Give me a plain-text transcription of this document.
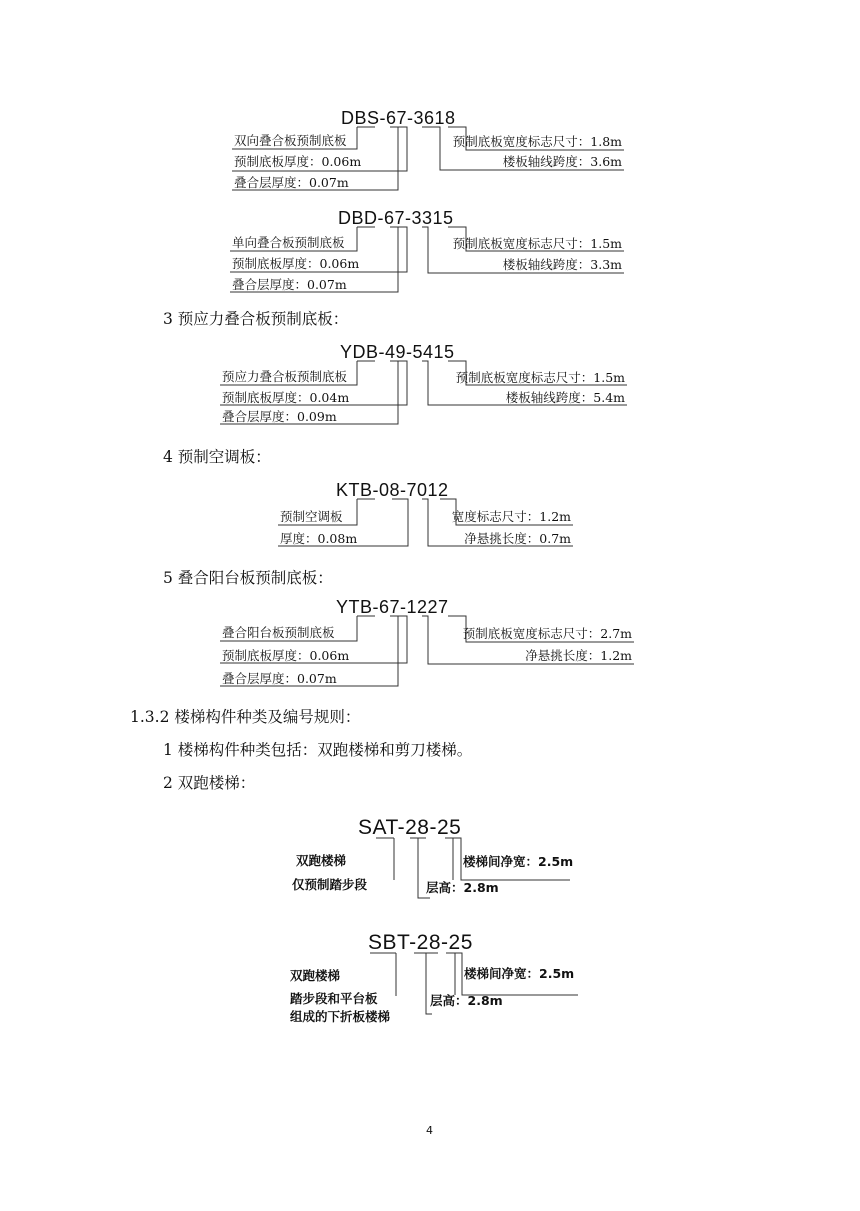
DBS-67-3618
双向叠合板预制底板
预制底板厚度：0.06m
叠合层厚度：0.07m
预制底板宽度标志尺寸：1.8m
楼板轴线跨度：3.6m
DBD-67-3315
单向叠合板预制底板
预制底板厚度：0.06m
叠合层厚度：0.07m
预制底板宽度标志尺寸：1.5m
楼板轴线跨度：3.3m
YDB-49-5415
预应力叠合板预制底板
预制底板厚度：0.04m
叠合层厚度：0.09m
预制底板宽度标志尺寸：1.5m
楼板轴线跨度：5.4m
KTB-08-7012
预制空调板
厚度：0.08m
宽度标志尺寸：1.2m
净悬挑长度：0.7m
YTB-67-1227
叠合阳台板预制底板
预制底板厚度：0.06m
叠合层厚度：0.07m
预制底板宽度标志尺寸：2.7m
净悬挑长度：1.2m
SAT-28-25
双跑楼梯
仅预制踏步段	层高：2.8m
楼梯间净宽：2.5m
SBT-28-25
双跑楼梯
踏步段和平台板
组成的下折板楼梯
层高：2.8m
楼梯间净宽：2.5m
3 预应力叠合板预制底板：
4 预制空调板：
5 叠合阳台板预制底板：
1.3.2 楼梯构件种类及编号规则：
1 楼梯构件种类包括：双跑楼梯和剪刀楼梯。
2 双跑楼梯：
4
